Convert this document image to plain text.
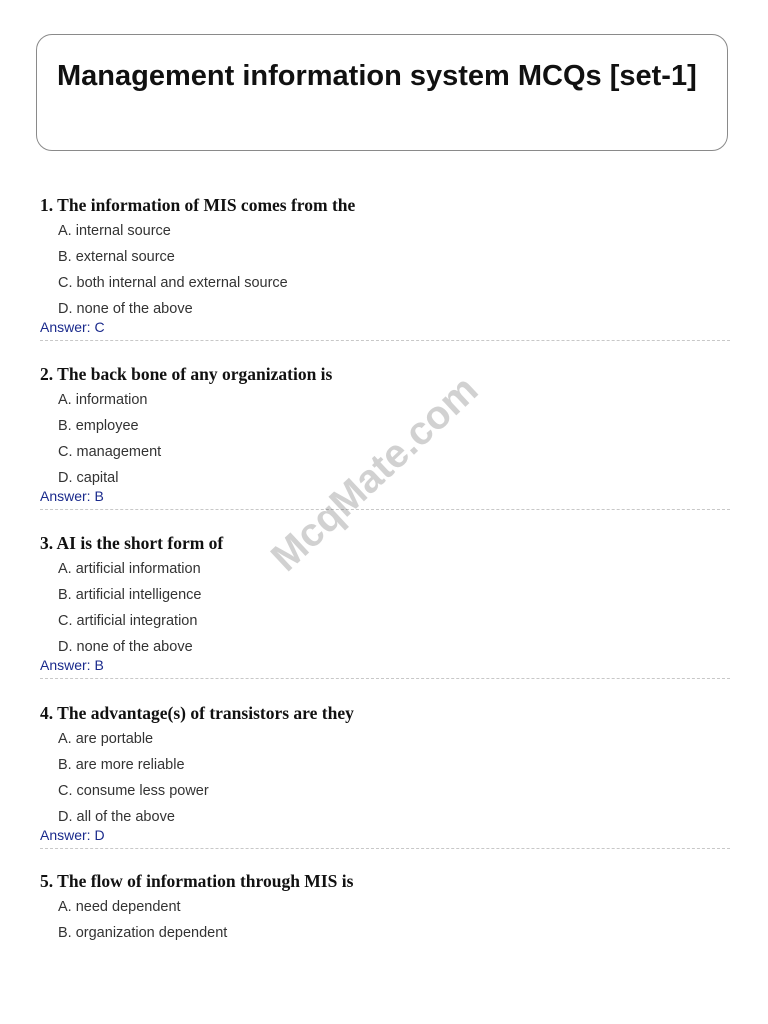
Management information system MCQs [set-1]

1. The information of MIS comes from the

A. internal source

B. external source

C. both internal and external source

D. none of the above

Answer: C

2. The back bone of any organization is

A. information

B. employee

C. management

D. capital

Answer: B

3. AI is the short form of

A. artificial information

B. artificial intelligence

C. artificial integration

D. none of the above

Answer: B

4. The advantage(s) of transistors are they

A. are portable

B. are more reliable

C. consume less power

D. all of the above

Answer: D

5. The flow of information through MIS is

A. need dependent

B. organization dependent

McqMate.com
